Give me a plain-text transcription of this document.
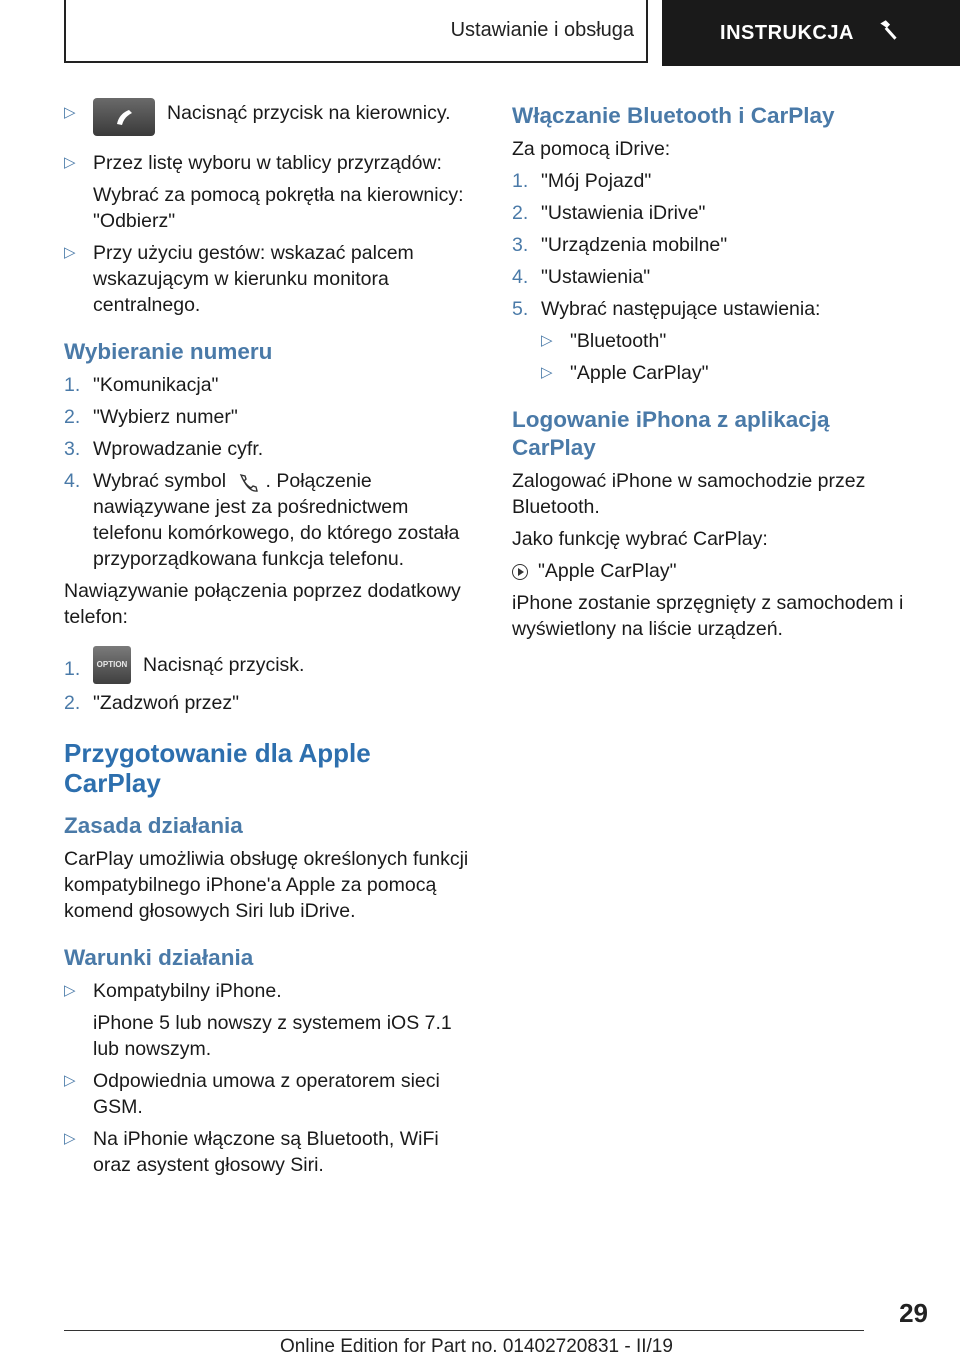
Ustawianie i obsługa	INSTRUKCJA
▷	Nacisnąć przycisk na kierownicy.
▷ Przez listę wyboru w tablicy przyrządów:

Wybrać za pomocą pokrętła na kierownicy: "Odbierz"

▷ Przy użyciu gestów: wskazać palcem wskazującym w kierunku monitora centralnego.
Wybieranie numeru
1. "Komunikacja"
2. "Wybierz numer"
3. Wprowadzanie cyfr.
4. Wybrać symbol . Połączenie nawiązywane jest za pośrednictwem telefonu komórkowego, do którego została przyporządkowana funkcja telefonu.

Nawiązywanie połączenia poprzez dodatkowy telefon:

1. OPTION Nacisnąć przycisk.
2. "Zadzwoń przez"
Przygotowanie dla Apple CarPlay
Zasada działania

CarPlay umożliwia obsługę określonych funkcji kompatybilnego iPhone'a Apple za pomocą komend głosowych Siri lub iDrive.

Warunki działania
▷ Kompatybilny iPhone.

iPhone 5 lub nowszy z systemem iOS 7.1 lub nowszym.

▷ Odpowiednia umowa z operatorem sieci GSM.
▷ Na iPhonie włączone są Bluetooth, WiFi oraz asystent głosowy Siri.
Włączanie Bluetooth i CarPlay

Za pomocą iDrive:

1. "Mój Pojazd"
2. "Ustawienia iDrive"
3. "Urządzenia mobilne"
4. "Ustawienia"
5. Wybrać następujące ustawienia:
▷ "Bluetooth"
▷ "Apple CarPlay"
Logowanie iPhona z aplikacją CarPlay

Zalogować iPhone w samochodzie przez Bluetooth.

Jako funkcję wybrać CarPlay:

"Apple CarPlay"

iPhone zostanie sprzęgnięty z samochodem i wyświetlony na liście urządzeń.

29
Online Edition for Part no. 01402720831 - II/19
